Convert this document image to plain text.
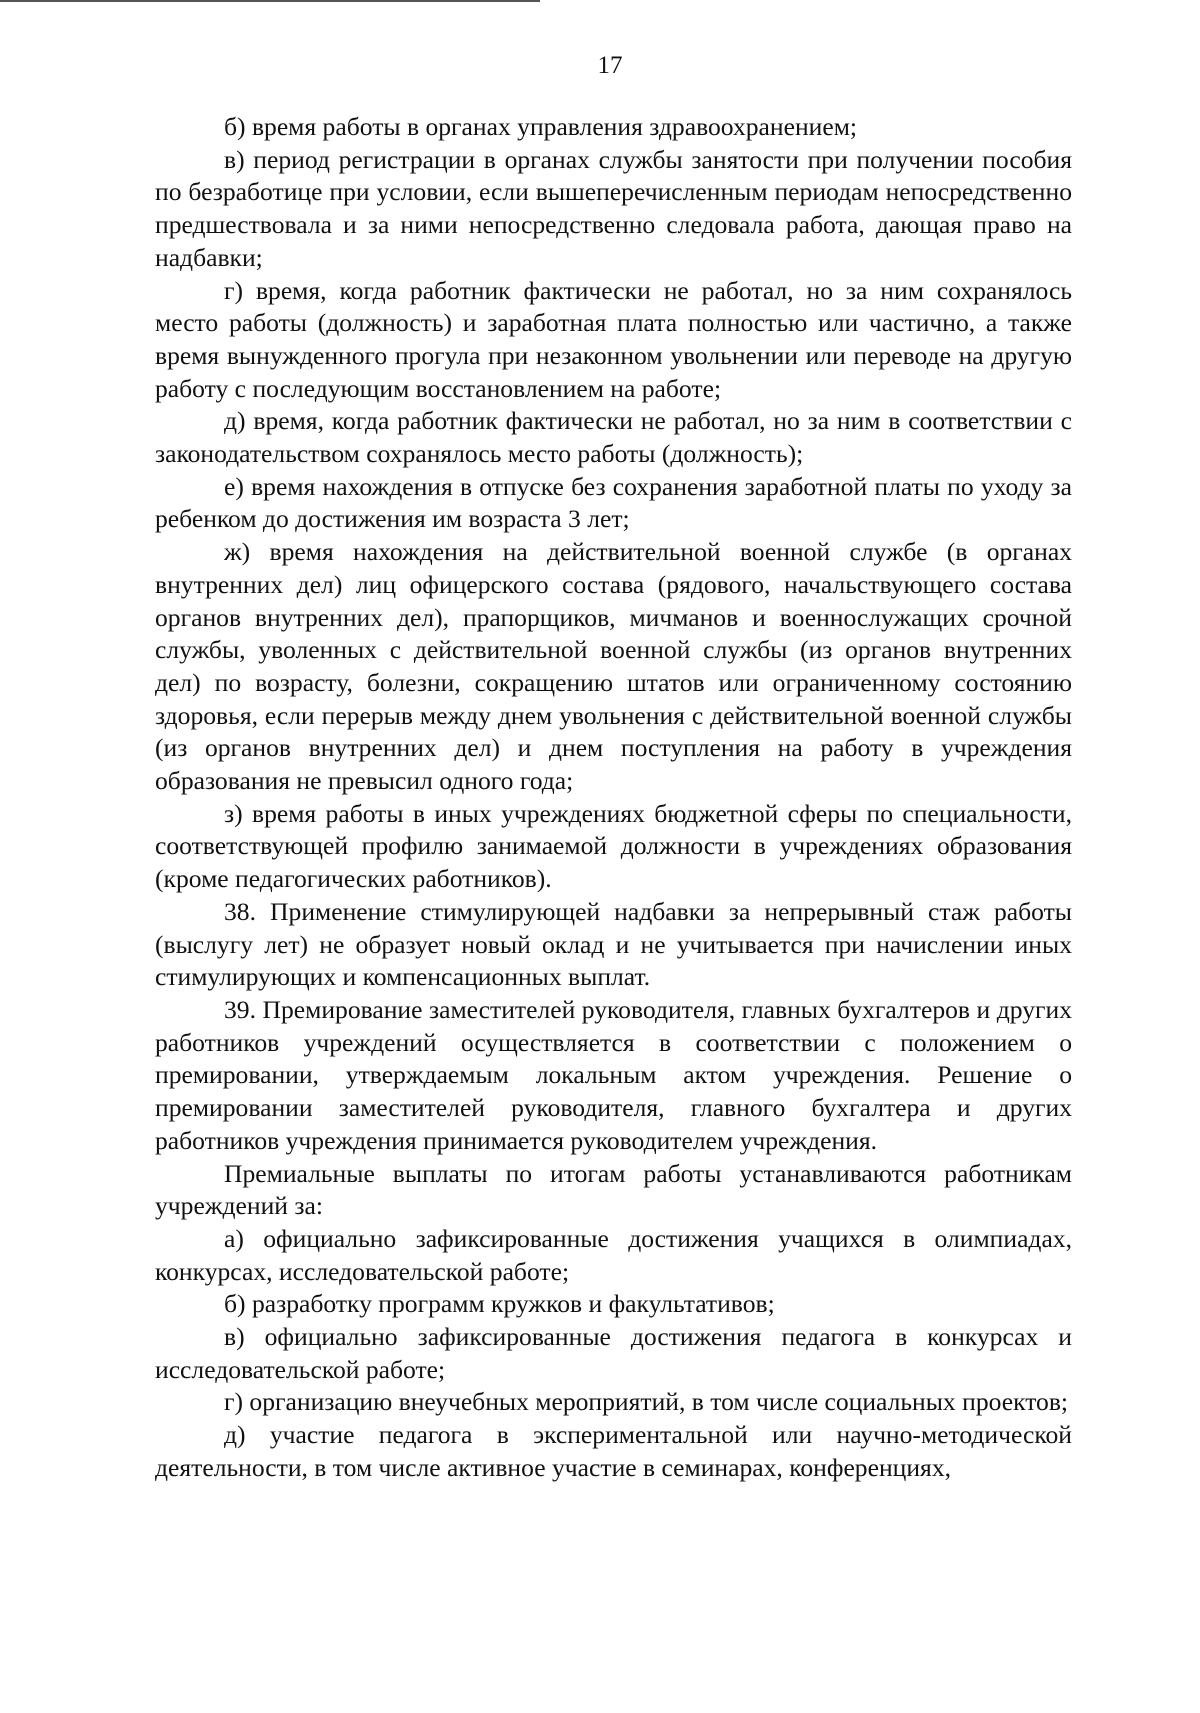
17

б) время работы в органах управления здравоохранением;

в) период регистрации в органах службы занятости при получении пособия по безработице при условии, если вышеперечисленным периодам непосредственно предшествовала и за ними непосредственно следовала работа, дающая право на надбавки;

г) время, когда работник фактически не работал, но за ним сохранялось место работы (должность) и заработная плата полностью или частично, а также время вынужденного прогула при незаконном увольнении или переводе на другую работу с последующим восстановлением на работе;

д) время, когда работник фактически не работал, но за ним в соответствии с законодательством сохранялось место работы (должность);

е) время нахождения в отпуске без сохранения заработной платы по уходу за ребенком до достижения им возраста 3 лет;

ж) время нахождения на действительной военной службе (в органах внутренних дел) лиц офицерского состава (рядового, начальствующего состава органов внутренних дел), прапорщиков, мичманов и военнослужащих срочной службы, уволенных с действительной военной службы (из органов внутренних дел) по возрасту, болезни, сокращению штатов или ограниченному состоянию здоровья, если перерыв между днем увольнения с действительной военной службы (из органов внутренних дел) и днем поступления на работу в учреждения образования не превысил одного года;

з) время работы в иных учреждениях бюджетной сферы по специальности, соответствующей профилю занимаемой должности в учреждениях образования (кроме педагогических работников).

38. Применение стимулирующей надбавки за непрерывный стаж работы (выслугу лет) не образует новый оклад и не учитывается при начислении иных стимулирующих и компенсационных выплат.

39. Премирование заместителей руководителя, главных бухгалтеров и других работников учреждений осуществляется в соответствии с положением о премировании, утверждаемым локальным актом учреждения. Решение о премировании заместителей руководителя, главного бухгалтера и других работников учреждения принимается руководителем учреждения.

Премиальные выплаты по итогам работы устанавливаются работникам учреждений за:

а) официально зафиксированные достижения учащихся в олимпиадах, конкурсах, исследовательской работе;

б) разработку программ кружков и факультативов;

в) официально зафиксированные достижения педагога в конкурсах и исследовательской работе;

г) организацию внеучебных мероприятий, в том числе социальных проектов;

д) участие педагога в экспериментальной или научно-методической деятельности, в том числе активное участие в семинарах, конференциях,
